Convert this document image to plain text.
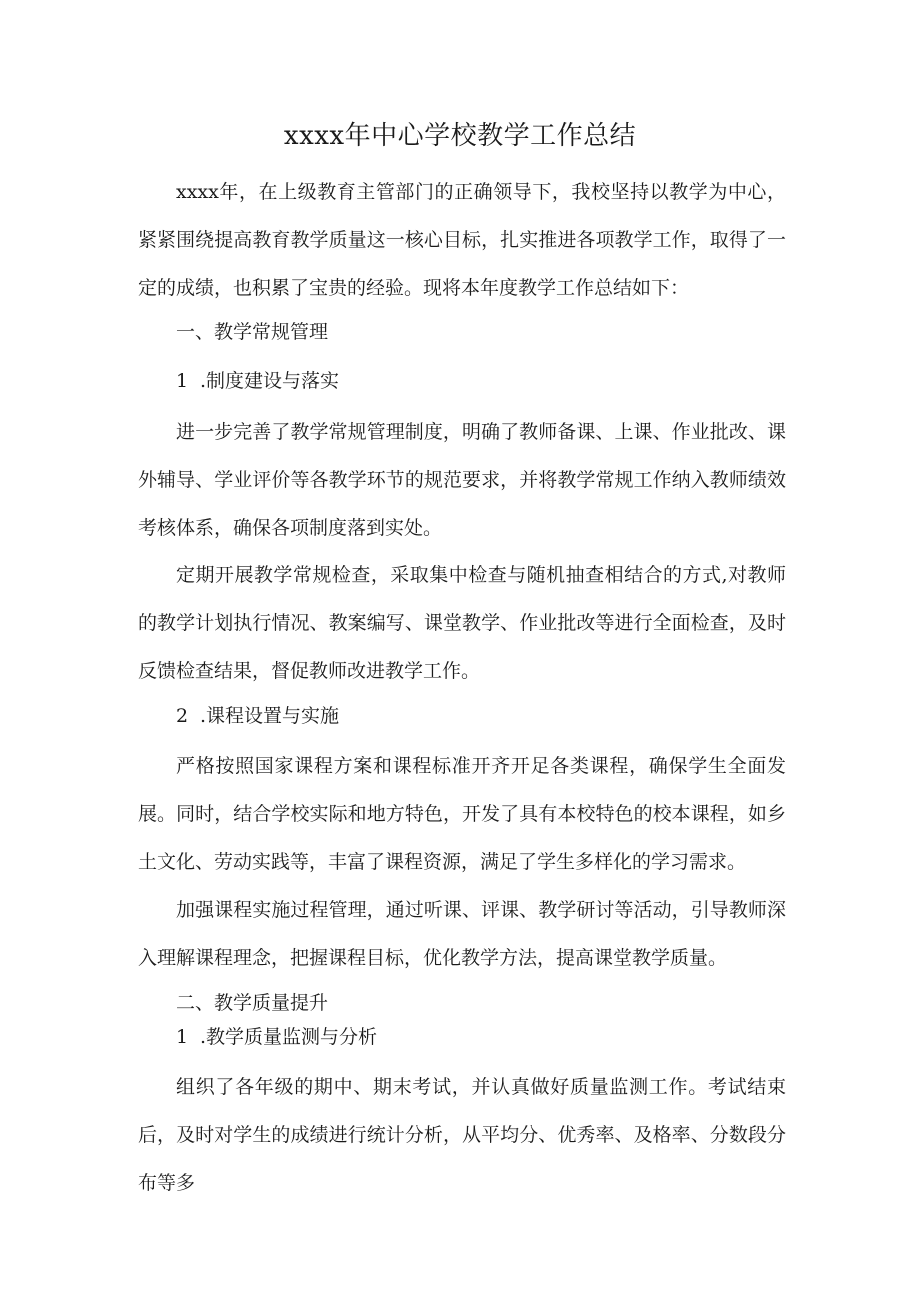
xxxx年中心学校教学工作总结

xxxx年，在上级教育主管部门的正确领导下，我校坚持以教学为中心，紧紧围绕提高教育教学质量这一核心目标，扎实推进各项教学工作，取得了一定的成绩，也积累了宝贵的经验。现将本年度教学工作总结如下：

一、教学常规管理

1 .制度建设与落实

进一步完善了教学常规管理制度，明确了教师备课、上课、作业批改、课外辅导、学业评价等各教学环节的规范要求，并将教学常规工作纳入教师绩效考核体系，确保各项制度落到实处。

定期开展教学常规检查，采取集中检查与随机抽查相结合的方式,对教师的教学计划执行情况、教案编写、课堂教学、作业批改等进行全面检查，及时反馈检查结果，督促教师改进教学工作。

2 .课程设置与实施

严格按照国家课程方案和课程标准开齐开足各类课程，确保学生全面发展。同时，结合学校实际和地方特色，开发了具有本校特色的校本课程，如乡土文化、劳动实践等，丰富了课程资源，满足了学生多样化的学习需求。

加强课程实施过程管理，通过听课、评课、教学研讨等活动，引导教师深入理解课程理念，把握课程目标，优化教学方法，提高课堂教学质量。

二、教学质量提升

1 .教学质量监测与分析

组织了各年级的期中、期末考试，并认真做好质量监测工作。考试结束后，及时对学生的成绩进行统计分析，从平均分、优秀率、及格率、分数段分布等多
